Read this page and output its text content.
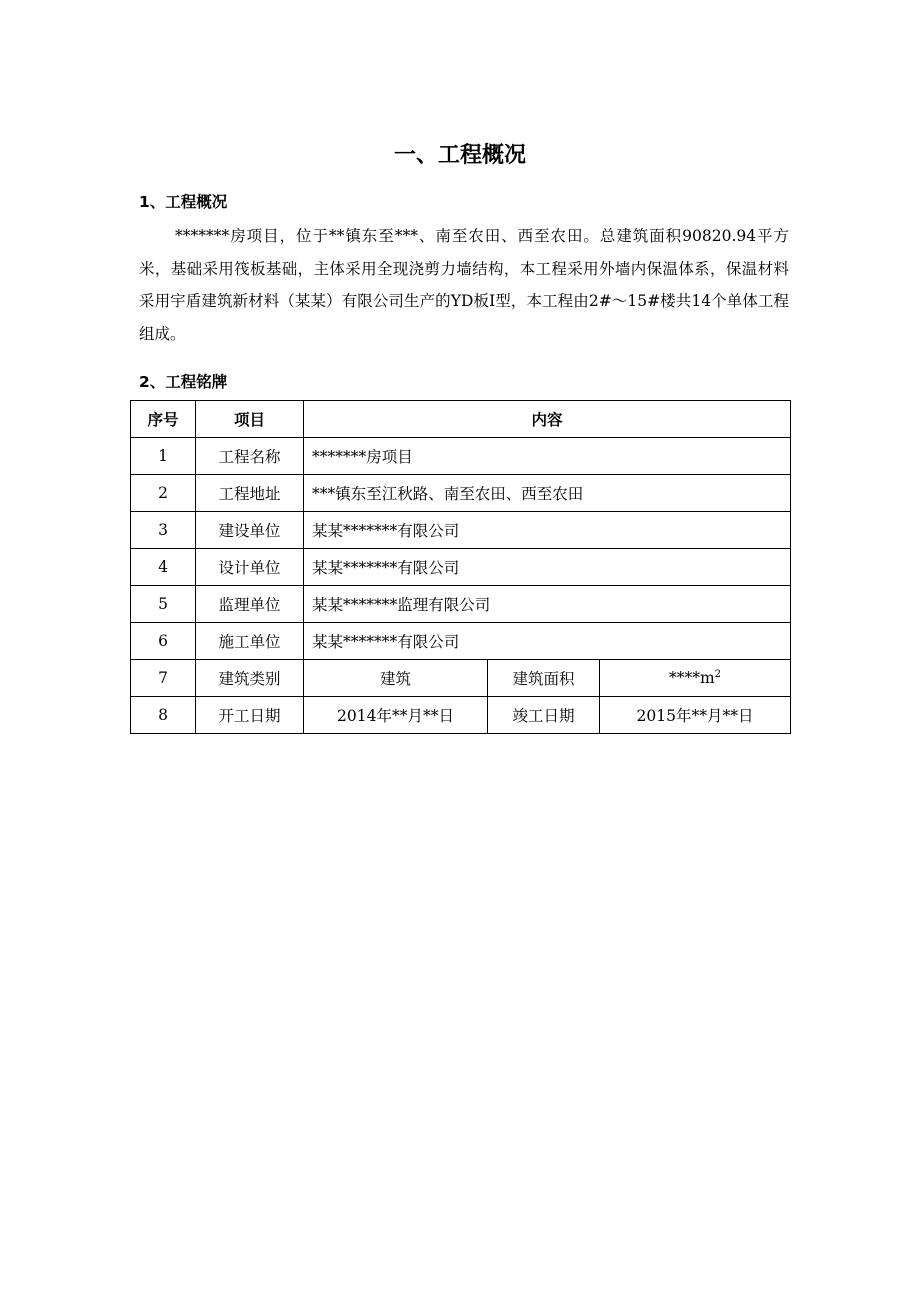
一、工程概况
1、工程概况
*******房项目，位于**镇东至***、南至农田、西至农田。总建筑面积90820.94平方米，基础采用筏板基础，主体采用全现浇剪力墙结构，本工程采用外墙内保温体系，保温材料采用宇盾建筑新材料（某某）有限公司生产的YD板Ⅰ型，本工程由2#～15#楼共14个单体工程组成。
2、工程铭牌
序号	项目	内容		
1	工程名称	*******房项目		
2	工程地址	***镇东至江秋路、南至农田、西至农田		
3	建设单位	某某*******有限公司		
4	设计单位	某某*******有限公司		
5	监理单位	某某*******监理有限公司		
6	施工单位	某某*******有限公司		
7	建筑类别	建筑	建筑面积	$****m^2$
8	开工日期	2014年**月**日	竣工日期	2015年**月**日
